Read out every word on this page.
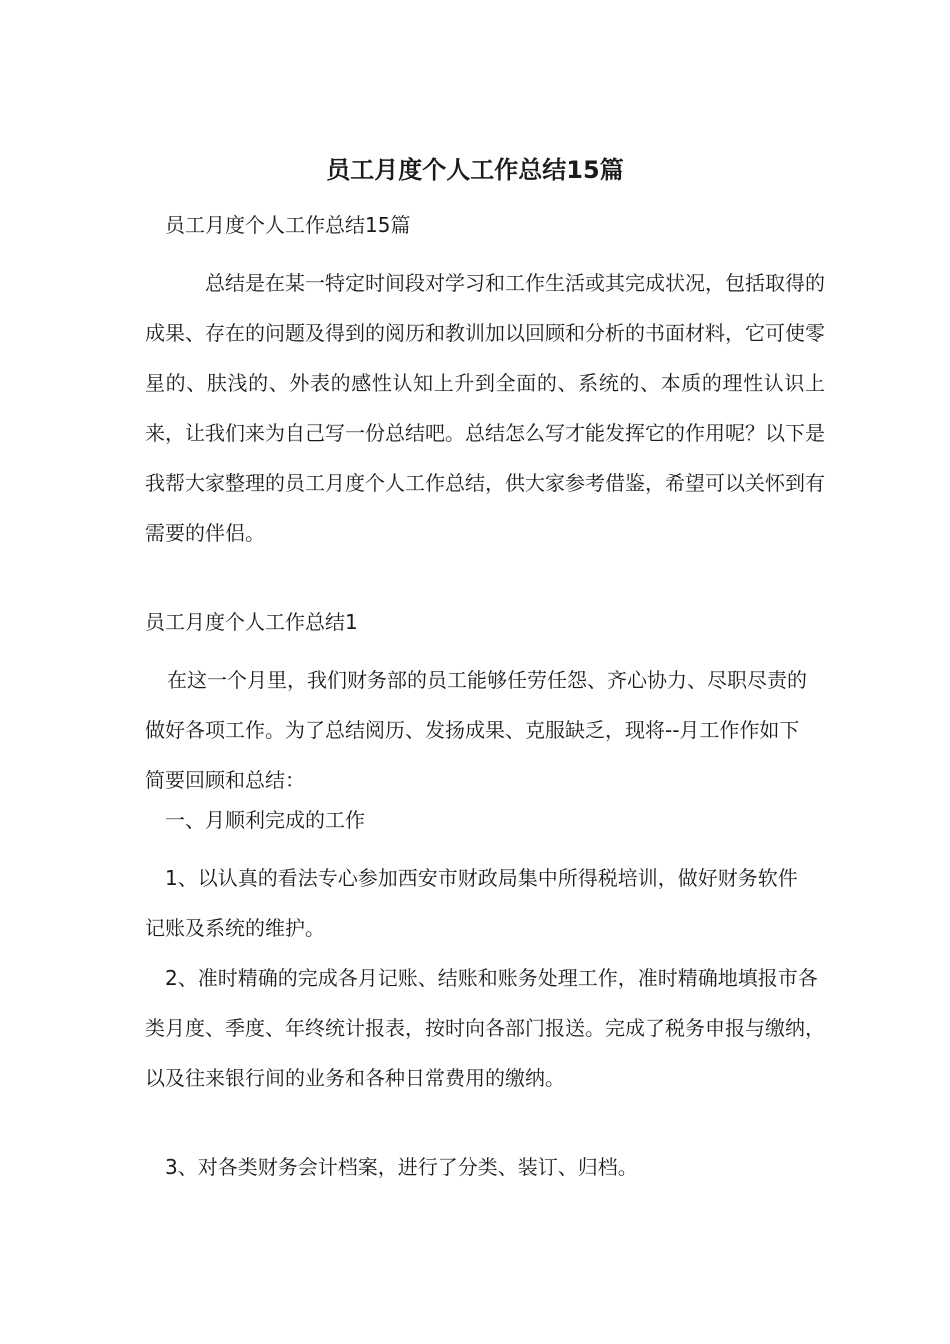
员工月度个人工作总结15篇

员工月度个人工作总结15篇

总结是在某一特定时间段对学习和工作生活或其完成状况，包括取得的成果、存在的问题及得到的阅历和教训加以回顾和分析的书面材料，它可使零星的、肤浅的、外表的感性认知上升到全面的、系统的、本质的理性认识上来，让我们来为自己写一份总结吧。总结怎么写才能发挥它的作用呢？以下是我帮大家整理的员工月度个人工作总结，供大家参考借鉴，希望可以关怀到有需要的伴侣。

员工月度个人工作总结1

在这一个月里，我们财务部的员工能够任劳任怨、齐心协力、尽职尽责的做好各项工作。为了总结阅历、发扬成果、克服缺乏，现将--月工作作如下简要回顾和总结：

一、月顺利完成的工作

1、以认真的看法专心参加西安市财政局集中所得税培训，做好财务软件记账及系统的维护。

2、准时精确的完成各月记账、结账和账务处理工作，准时精确地填报市各类月度、季度、年终统计报表，按时向各部门报送。完成了税务申报与缴纳，以及往来银行间的业务和各种日常费用的缴纳。

3、对各类财务会计档案，进行了分类、装订、归档。
